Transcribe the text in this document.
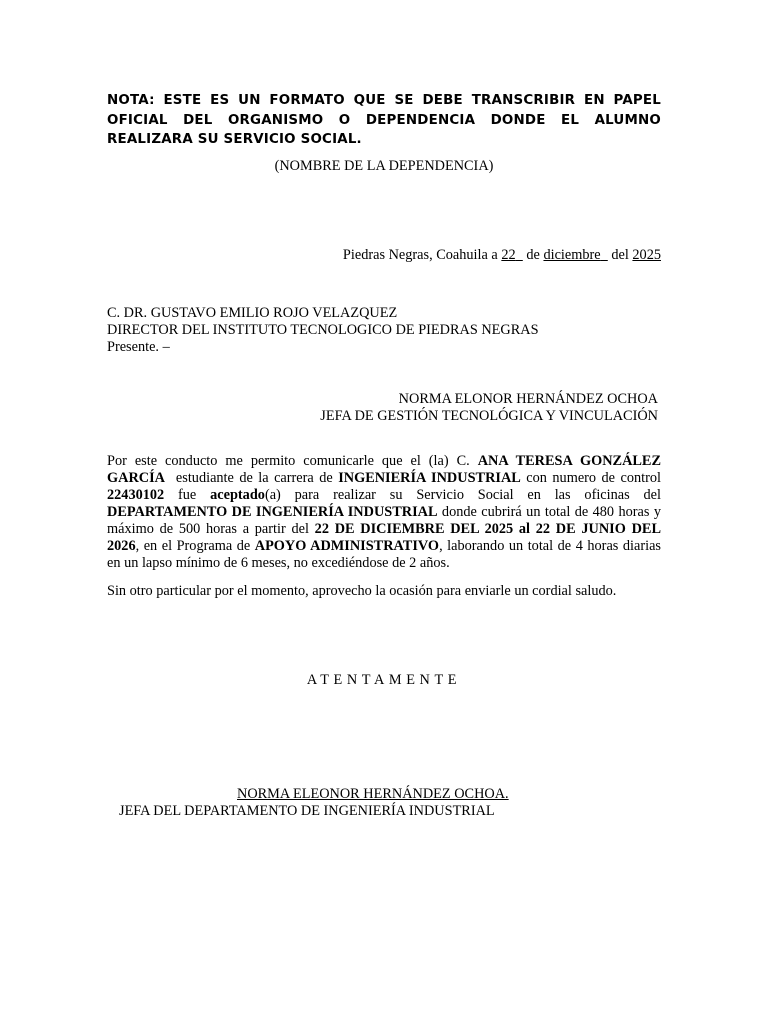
NOTA: ESTE ES UN FORMATO QUE SE DEBE TRANSCRIBIR EN PAPEL OFICIAL DEL ORGANISMO O DEPENDENCIA DONDE EL ALUMNO
REALIZARA SU SERVICIO SOCIAL.
(NOMBRE DE LA DEPENDENCIA)
Piedras Negras, Coahuila a 22 de diciembre del 2025
C. DR. GUSTAVO EMILIO ROJO VELAZQUEZ
DIRECTOR DEL INSTITUTO TECNOLOGICO DE PIEDRAS NEGRAS
Presente. –
NORMA ELONOR HERNÁNDEZ OCHOA
JEFA DE GESTIÓN TECNOLÓGICA Y VINCULACIÓN

Por este conducto me permito comunicarle que el (la) C. ANA TERESA GONZÁLEZ GARCÍA  estudiante de la carrera de INGENIERÍA INDUSTRIAL con numero de control 22430102 fue aceptado(a) para realizar su Servicio Social en las oficinas del DEPARTAMENTO DE INGENIERÍA INDUSTRIAL donde cubrirá un total de 480 horas y máximo de 500 horas a partir del 22 DE DICIEMBRE DEL 2025 al 22 DE JUNIO DEL 2026, en el Programa de APOYO ADMINISTRATIVO, laborando un total de 4 horas diarias en un lapso mínimo de 6 meses, no excediéndose de 2 años.

Sin otro particular por el momento, aprovecho la ocasión para enviarle un cordial saludo.

ATENTAMENTE
NORMA ELEONOR HERNÁNDEZ OCHOA.
JEFA DEL DEPARTAMENTO DE INGENIERÍA INDUSTRIAL
